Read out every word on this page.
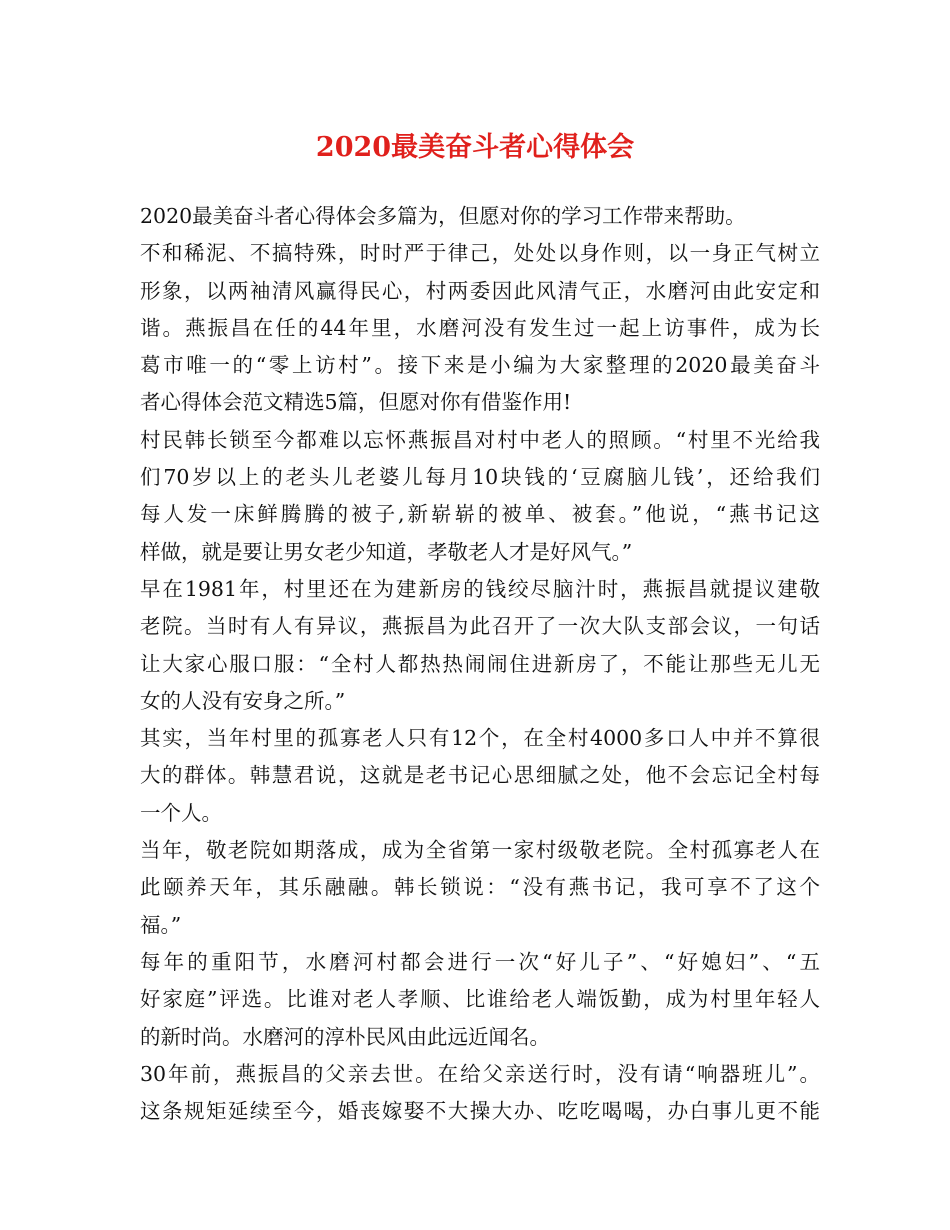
2020最美奋斗者心得体会

2020最美奋斗者心得体会多篇为，但愿对你的学习工作带来帮助。

不和稀泥、不搞特殊，时时严于律己，处处以身作则，以一身正气树立

形象，以两袖清风赢得民心，村两委因此风清气正，水磨河由此安定和

谐。燕振昌在任的44年里，水磨河没有发生过一起上访事件，成为长

葛市唯一的“零上访村”。接下来是小编为大家整理的2020最美奋斗

者心得体会范文精选5篇，但愿对你有借鉴作用!

村民韩长锁至今都难以忘怀燕振昌对村中老人的照顾。“村里不光给我

们70岁以上的老头儿老婆儿每月10块钱的‘豆腐脑儿钱’，还给我们

每人发一床鲜腾腾的被子,新崭崭的被单、被套。”他说，“燕书记这

样做，就是要让男女老少知道，孝敬老人才是好风气。”

早在1981年，村里还在为建新房的钱绞尽脑汁时，燕振昌就提议建敬

老院。当时有人有异议，燕振昌为此召开了一次大队支部会议，一句话

让大家心服口服：“全村人都热热闹闹住进新房了，不能让那些无儿无

女的人没有安身之所。”

其实，当年村里的孤寡老人只有12个，在全村4000多口人中并不算很

大的群体。韩慧君说，这就是老书记心思细腻之处，他不会忘记全村每

一个人。

当年，敬老院如期落成，成为全省第一家村级敬老院。全村孤寡老人在

此颐养天年，其乐融融。韩长锁说：“没有燕书记，我可享不了这个

福。”

每年的重阳节，水磨河村都会进行一次“好儿子”、“好媳妇”、“五

好家庭”评选。比谁对老人孝顺、比谁给老人端饭勤，成为村里年轻人

的新时尚。水磨河的淳朴民风由此远近闻名。

30年前，燕振昌的父亲去世。在给父亲送行时，没有请“响器班儿”。

这条规矩延续至今，婚丧嫁娶不大操大办、吃吃喝喝，办白事儿更不能
